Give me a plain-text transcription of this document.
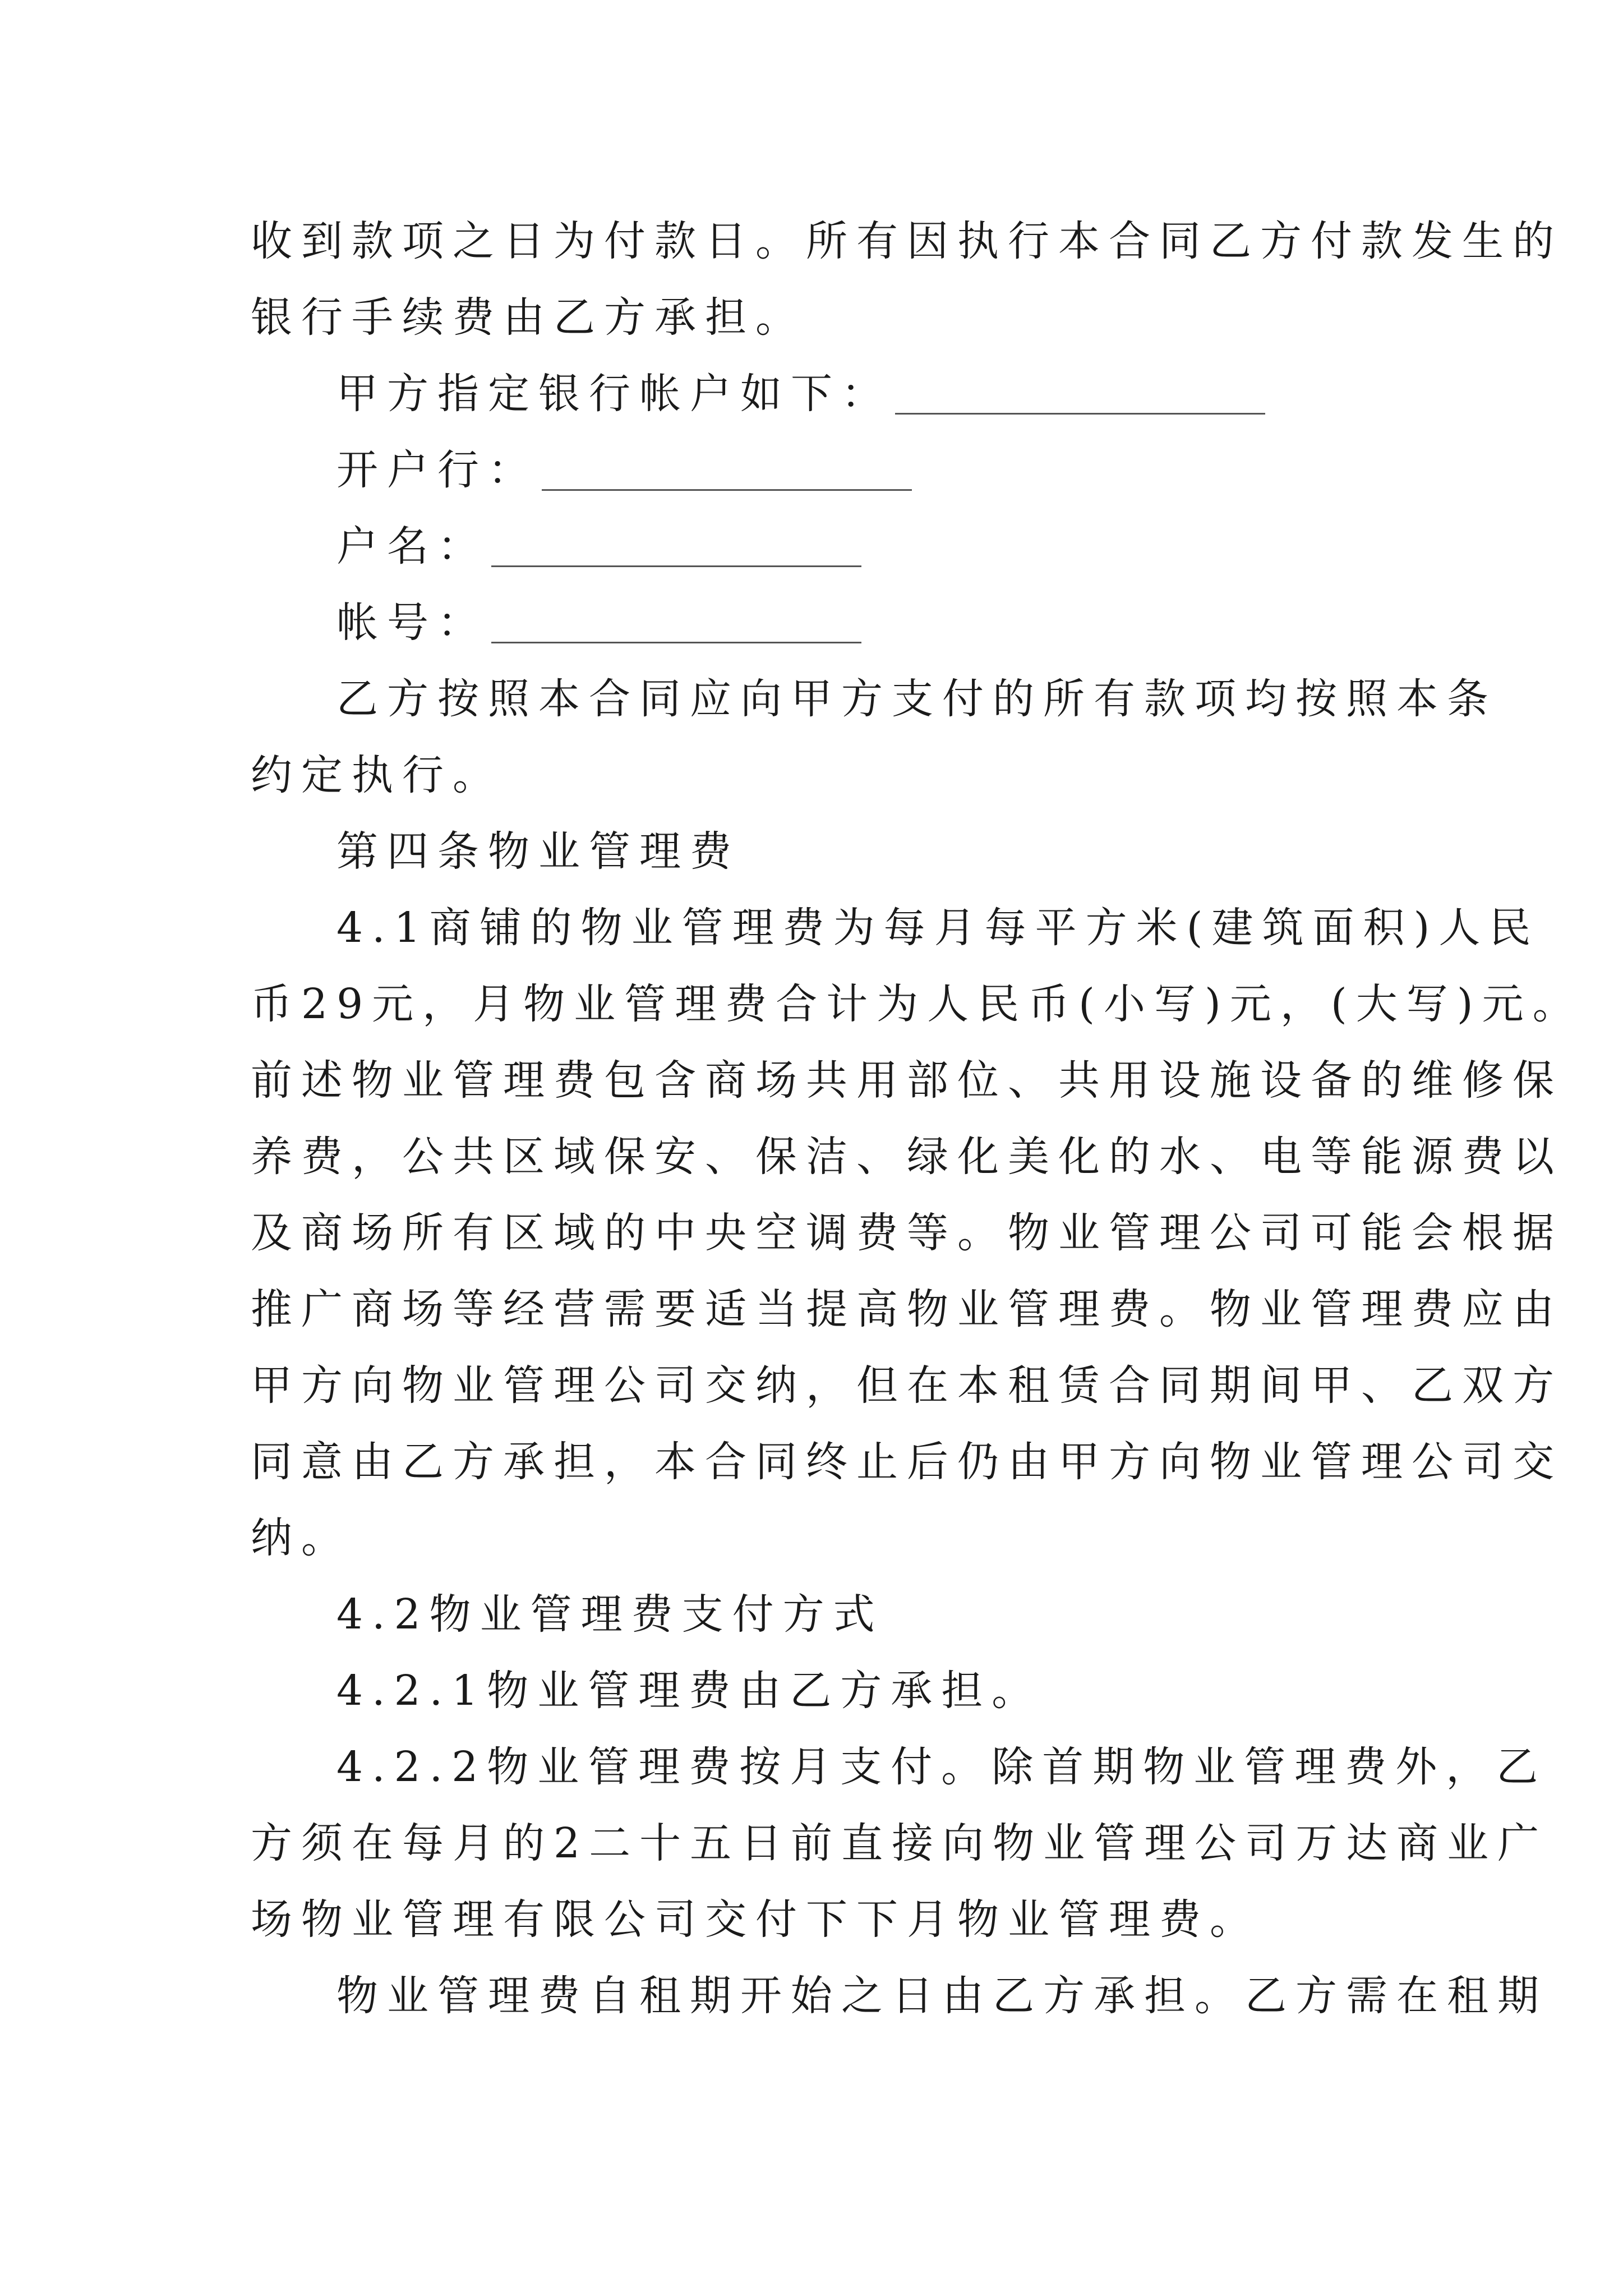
收到款项之日为付款日。所有因执行本合同乙方付款发生的

银行手续费由乙方承担。

甲方指定银行帐户如下：

开户行：

户名：

帐号：

乙方按照本合同应向甲方支付的所有款项均按照本条

约定执行。

第四条物业管理费

4.1商铺的物业管理费为每月每平方米(建筑面积)人民

币29元，月物业管理费合计为人民币(小写)元，(大写)元。

前述物业管理费包含商场共用部位、共用设施设备的维修保

养费，公共区域保安、保洁、绿化美化的水、电等能源费以

及商场所有区域的中央空调费等。物业管理公司可能会根据

推广商场等经营需要适当提高物业管理费。物业管理费应由

甲方向物业管理公司交纳，但在本租赁合同期间甲、乙双方

同意由乙方承担，本合同终止后仍由甲方向物业管理公司交

纳。

4.2物业管理费支付方式

4.2.1物业管理费由乙方承担。

4.2.2物业管理费按月支付。除首期物业管理费外，乙

方须在每月的2二十五日前直接向物业管理公司万达商业广

场物业管理有限公司交付下下月物业管理费。

物业管理费自租期开始之日由乙方承担。乙方需在租期
